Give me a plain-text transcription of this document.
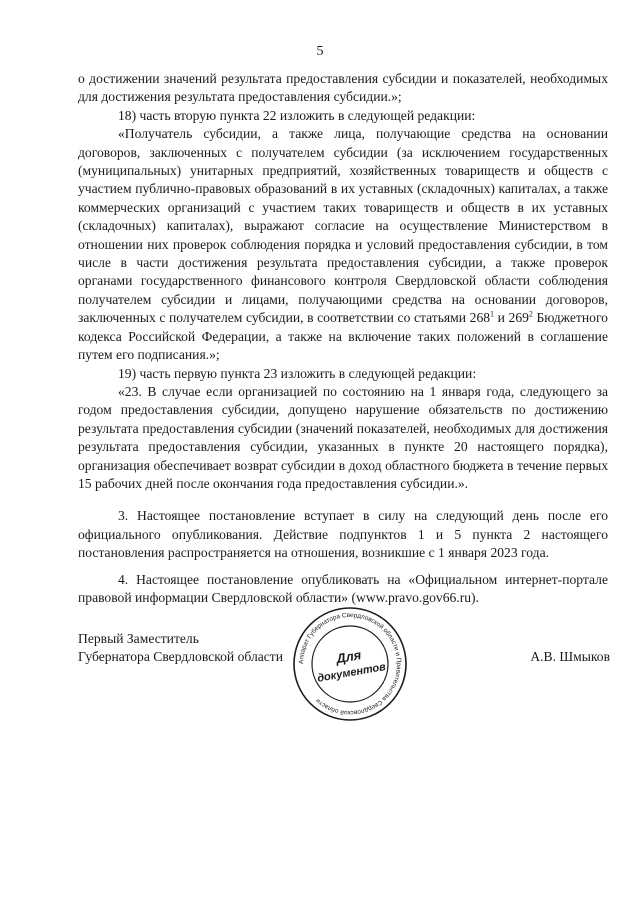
5

о достижении значений результата предоставления субсидии и показателей, необходимых для достижения результата предоставления субсидии.»;

18) часть вторую пункта 22 изложить в следующей редакции:

«Получатель субсидии, а также лица, получающие средства на основании договоров, заключенных с получателем субсидии (за исключением государственных (муниципальных) унитарных предприятий, хозяйственных товариществ и обществ с участием публично-правовых образований в их уставных (складочных) капиталах, а также коммерческих организаций с участием таких товариществ и обществ в их уставных (складочных) капиталах), выражают согласие на осуществление Министерством в отношении них проверок соблюдения порядка и условий предоставления субсидии, в том числе в части достижения результата предоставления субсидии, а также проверок органами государственного финансового контроля Свердловской области соблюдения получателем субсидии и лицами, получающими средства на основании договоров, заключенных с получателем субсидии, в соответствии со статьями $268^1$ и $269^2$ Бюджетного кодекса Российской Федерации, а также на включение таких положений в соглашение путем его подписания.»;

19) часть первую пункта 23 изложить в следующей редакции:

«23. В случае если организацией по состоянию на 1 января года, следующего за годом предоставления субсидии, допущено нарушение обязательств по достижению результата предоставления субсидии (значений показателей, необходимых для достижения результата предоставления субсидии, указанных в пункте 20 настоящего порядка), организация обеспечивает возврат субсидии в доход областного бюджета в течение первых 15 рабочих дней после окончания года предоставления субсидии.».

3. Настоящее постановление вступает в силу на следующий день после его официального опубликования. Действие подпунктов 1 и 5 пункта 2 настоящего постановления распространяется на отношения, возникшие с 1 января 2023 года.

4. Настоящее постановление опубликовать на «Официальном интернет-портале правовой информации Свердловской области» (www.pravo.gov66.ru).

Первый Заместитель
Губернатора Свердловской области	А.В. Шмыков
Аппарат Губернатора Свердловской области и Правительства Свердловской области
Для
документов
